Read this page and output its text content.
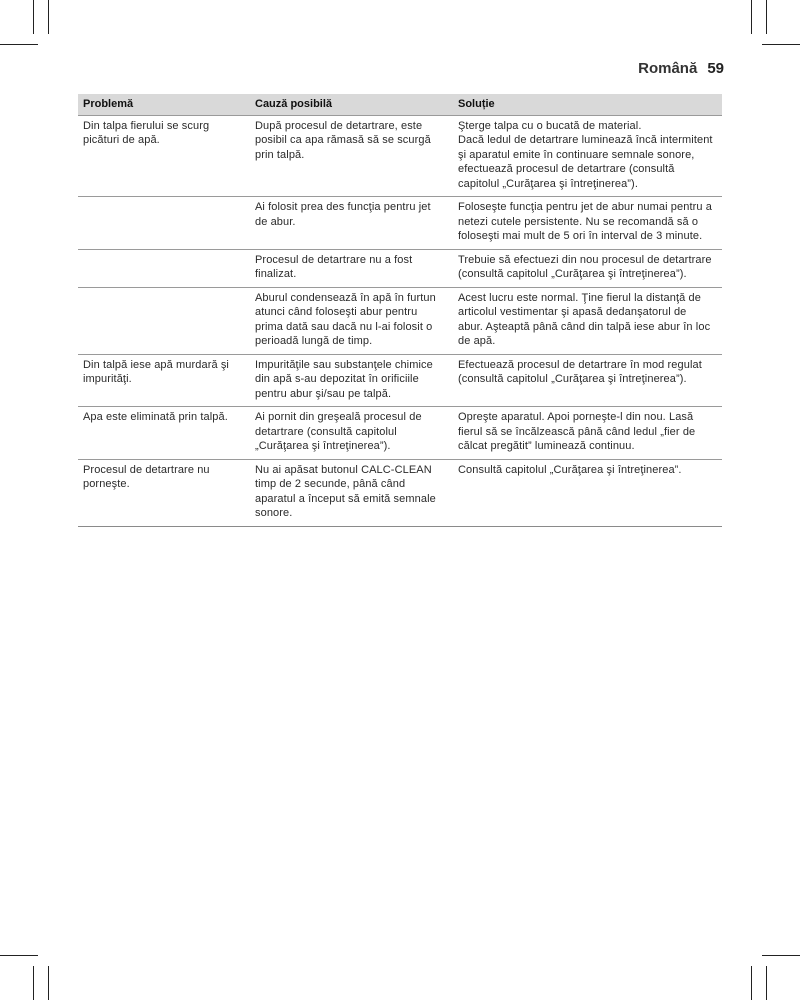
Română 59
Problemă	Cauză posibilă	Soluție
Din talpa fierului se scurg picături de apă.	După procesul de detartrare, este posibil ca apa rămasă să se scurgă prin talpă.	Şterge talpa cu o bucată de material.
Dacă ledul de detartrare luminează încă intermitent şi aparatul emite în continuare semnale sonore, efectuează procesul de detartrare (consultă capitolul „Curăţarea şi întreţinerea”).

	Ai folosit prea des funcţia pentru jet de abur.	Foloseşte funcţia pentru jet de abur numai pentru a netezi cutele persistente. Nu se recomandă să o foloseşti mai mult de 5 ori în interval de 3 minute.

	Procesul de detartrare nu a fost finalizat.	Trebuie să efectuezi din nou procesul de detartrare (consultă capitolul „Curăţarea şi întreţinerea”).

	Aburul condensează în apă în furtun atunci când foloseşti abur pentru prima dată sau dacă nu l-ai folosit o perioadă lungă de timp.	Acest lucru este normal. Ţine fierul la distanţă de articolul vestimentar şi apasă dedanşatorul de abur. Aşteaptă până când din talpă iese abur în loc de apă.

Din talpă iese apă murdară şi impurităţi.	Impurităţile sau substanţele chimice din apă s-au depozitat în orificiile pentru abur şi/sau pe talpă.	Efectuează procesul de detartrare în mod regulat (consultă capitolul „Curăţarea şi întreţinerea”).

Apa este eliminată prin talpă.	Ai pornit din greşeală procesul de detartrare (consultă capitolul „Curăţarea şi întreţinerea”).	Opreşte aparatul. Apoi porneşte-l din nou. Lasă fierul să se încălzească până când ledul „fier de călcat pregătit” luminează continuu.

Procesul de detartrare nu porneşte.	Nu ai apăsat butonul CALC-CLEAN timp de 2 secunde, până când aparatul a început să emită semnale sonore.	Consultă capitolul „Curăţarea şi întreţinerea”.
